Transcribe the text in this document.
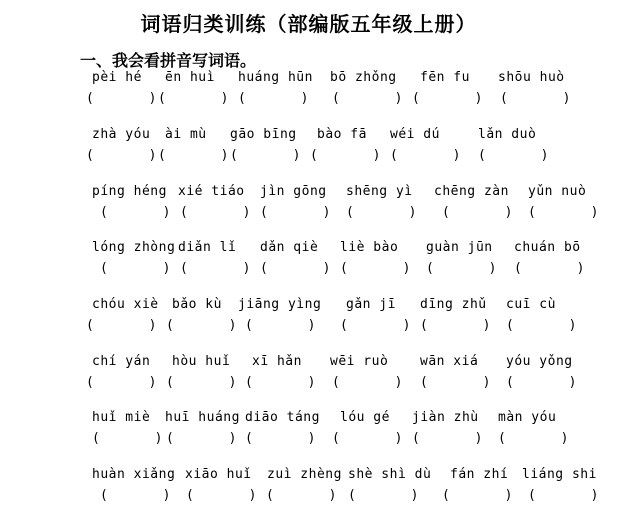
词语归类训练（部编版五年级上册）
一、我会看拼音写词语。
pèi hé
(       )
ēn huì
(       )
huáng hūn
(       )
bō zhǒng
(       )
fēn fu
(       )
shōu huò
(       )
zhà yóu
(       )
ài mù
(       )
gāo bīng
(       )
bào fā
(       )
wéi dú
(       )
lǎn duò
(       )
píng héng
(       )
xié tiáo
(       )
jìn gōng
(       )
shēng yì
(       )
chēng zàn
(       )
yǔn nuò
(       )
lóng zhòng
(       )
diǎn lǐ
(       )
dǎn qiè
(       )
liè bào
(       )
guàn jūn
(       )
chuán bō
(       )
chóu xiè
(       )
bǎo kù
(       )
jiāng yìng
(       )
gǎn jī
(       )
dīng zhǔ
(       )
cuī cù
(       )
chí yán
(       )
hòu huǐ
(       )
xī hǎn
(       )
wēi ruò
(       )
wān xiá
(       )
yóu yǒng
(       )
huǐ miè
(       )
huī huáng
(       )
diāo táng
(       )
lóu gé
(       )
jiàn zhù
(       )
màn yóu
(       )
huàn xiǎng
(       )
xiāo huǐ
(       )
zuì zhèng
(       )
shè shì dù
(       )
fán zhí
(       )
liáng shi
(       )
